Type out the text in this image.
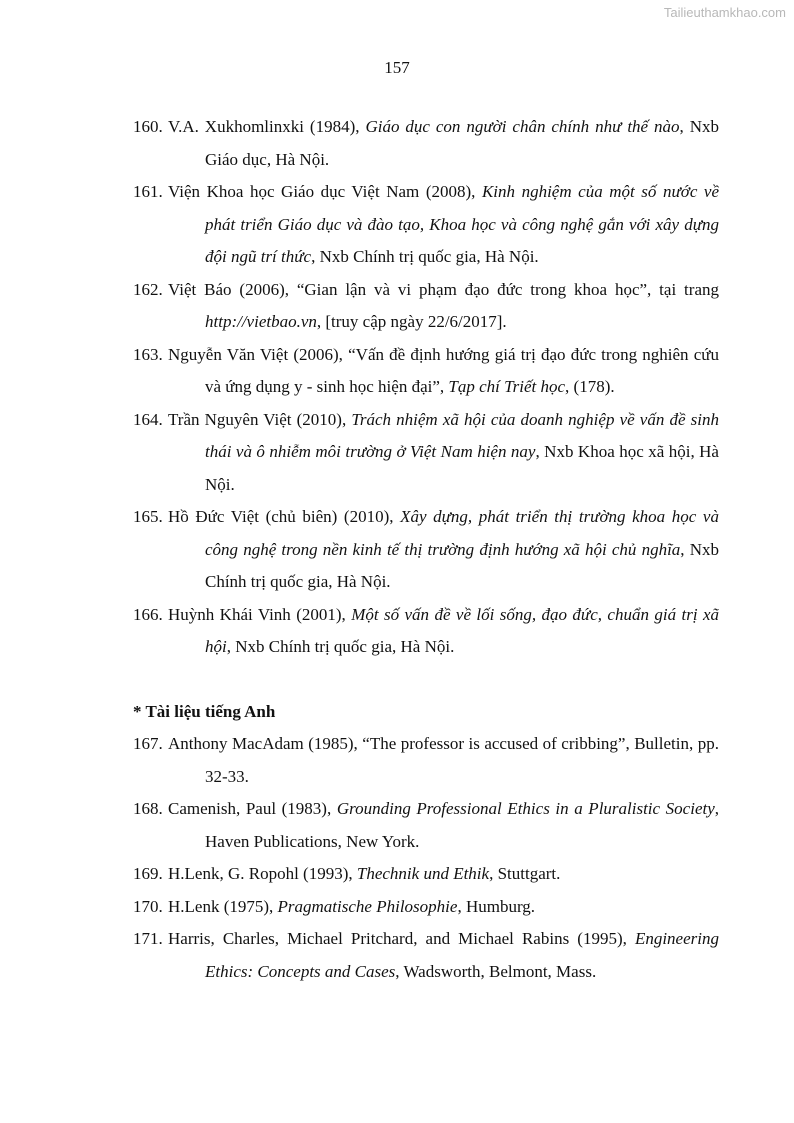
Tailieuthamkhao.com
157
160. V.A. Xukhomlinxki (1984), Giáo dục con người chân chính như thế nào, Nxb Giáo dục, Hà Nội.
161. Viện Khoa học Giáo dục Việt Nam (2008), Kinh nghiệm của một số nước về phát triển Giáo dục và đào tạo, Khoa học và công nghệ gắn với xây dựng đội ngũ trí thức, Nxb Chính trị quốc gia, Hà Nội.
162. Việt Báo (2006), “Gian lận và vi phạm đạo đức trong khoa học”, tại trang http://vietbao.vn, [truy cập ngày 22/6/2017].
163. Nguyễn Văn Việt (2006), “Vấn đề định hướng giá trị đạo đức trong nghiên cứu và ứng dụng y - sinh học hiện đại”, Tạp chí Triết học, (178).
164. Trần Nguyên Việt (2010), Trách nhiệm xã hội của doanh nghiệp về vấn đề sinh thái và ô nhiễm môi trường ở Việt Nam hiện nay, Nxb Khoa học xã hội, Hà Nội.
165. Hồ Đức Việt (chủ biên) (2010), Xây dựng, phát triển thị trường khoa học và công nghệ trong nền kinh tế thị trường định hướng xã hội chủ nghĩa, Nxb Chính trị quốc gia, Hà Nội.
166. Huỳnh Khái Vinh (2001), Một số vấn đề về lối sống, đạo đức, chuẩn giá trị xã hội, Nxb Chính trị quốc gia, Hà Nội.
* Tài liệu tiếng Anh
167. Anthony MacAdam (1985), “The professor is accused of cribbing”, Bulletin, pp. 32-33.
168. Camenish, Paul (1983), Grounding Professional Ethics in a Pluralistic Society, Haven Publications, New York.
169. H.Lenk, G. Ropohl (1993), Thechnik und Ethik, Stuttgart.
170. H.Lenk (1975), Pragmatische Philosophie, Humburg.
171. Harris, Charles, Michael Pritchard, and Michael Rabins (1995), Engineering Ethics: Concepts and Cases, Wadsworth, Belmont, Mass.
